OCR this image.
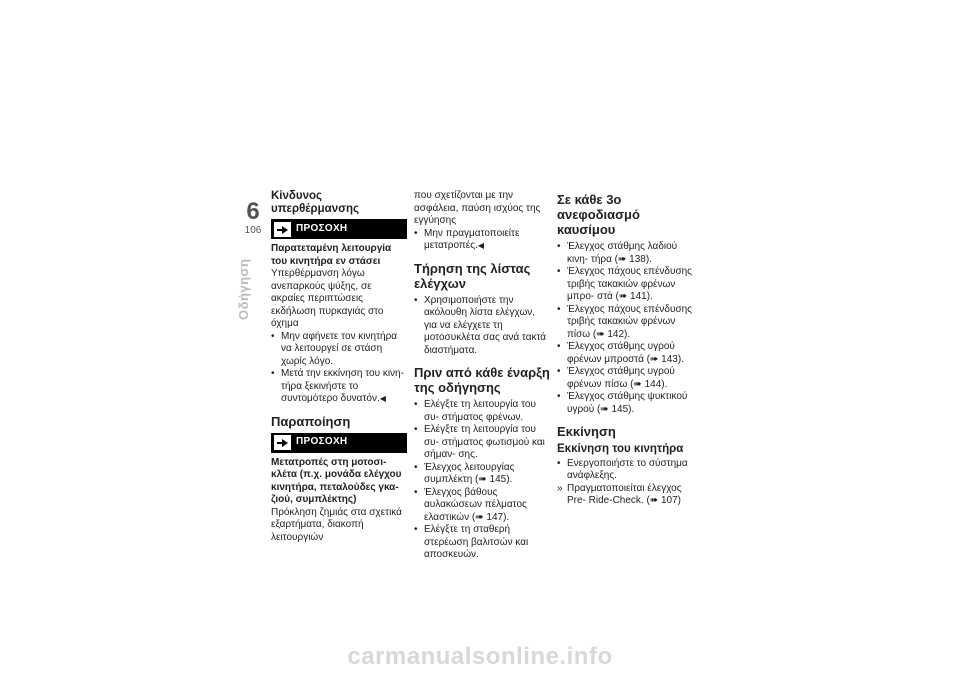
6
106
Οδήγηση
Κίνδυνος υπερθέρμανσης
ΠΡΟΣΟΧΗ
Παρατεταμένη λειτουργία του κινητήρα εν στάσει
Υπερθέρμανση λόγω ανεπαρκούς ψύξης, σε ακραίες περιπτώσεις εκδήλωση πυρκαγιάς στο όχημα
• Μην αφήνετε τον κινητήρα να λειτουργεί σε στάση χωρίς λόγο.
• Μετά την εκκίνηση του κινη- τήρα ξεκινήστε το συντομότερο δυνατόν.◀
Παραποίηση
ΠΡΟΣΟΧΗ
Μετατροπές στη μοτοσι- κλέτα (π.χ. μονάδα ελέγχου κινητήρα, πεταλούδες γκα- ζιού, συμπλέκτης)
Πρόκληση ζημιάς στα σχετικά εξαρτήματα, διακοπή λειτουργιών
που σχετίζονται με την ασφάλεια, παύση ισχύος της εγγύησης
• Μην πραγματοποιείτε μετατροπές.◀
Τήρηση της λίστας ελέγχων
• Χρησιμοποιήστε την ακόλουθη λίστα ελέγχων, για να ελέγχετε τη μοτοσυκλέτα σας ανά τακτά διαστήματα.
Πριν από κάθε έναρξη της οδήγησης
• Ελέγξτε τη λειτουργία του συ- στήματος φρένων.
• Ελέγξτε τη λειτουργία του συ- στήματος φωτισμού και σήμαν- σης.
• Έλεγχος λειτουργίας συμπλέκτη (➠ 145).
• Έλεγχος βάθους αυλακώσεων πέλματος ελαστικών (➠ 147).
• Ελέγξτε τη σταθερή στερέωση βαλιτσών και αποσκευών.
Σε κάθε 3ο ανεφοδιασμό καυσίμου
• Έλεγχος στάθμης λαδιού κινη- τήρα (➠ 138).
• Έλεγχος πάχους επένδυσης τριβής τακακιών φρένων μπρο- στά (➠ 141).
• Έλεγχος πάχους επένδυσης τριβής τακακιών φρένων πίσω (➠ 142).
• Έλεγχος στάθμης υγρού φρένων μπροστά (➠ 143).
• Έλεγχος στάθμης υγρού φρένων πίσω (➠ 144).
• Έλεγχος στάθμης ψυκτικού υγρού (➠ 145).
Εκκίνηση
Εκκίνηση του κινητήρα
• Ενεργοποιήστε το σύστημα ανάφλεξης.
» Πραγματοποιείται έλεγχος Pre- Ride-Check. (➠ 107)
carmanualsonline.info
